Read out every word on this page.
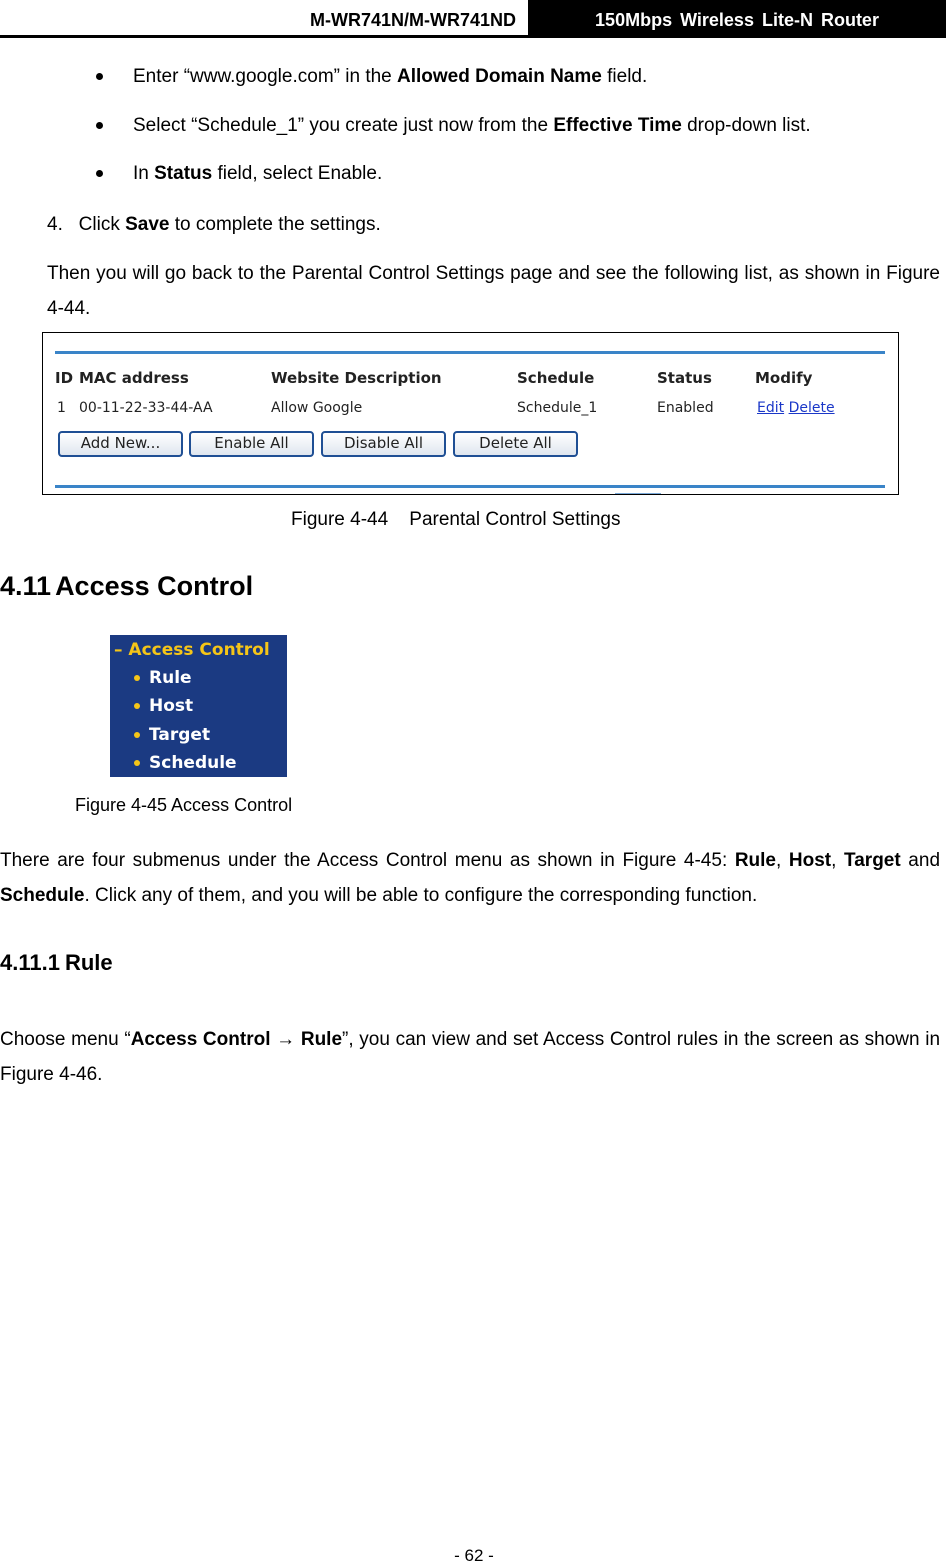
M-WR741N/M-WR741ND	150Mbps Wireless Lite-N Router
Enter “www.google.com” in the Allowed Domain Name field.
Select “Schedule_1” you create just now from the Effective Time drop-down list.
In Status field, select Enable.
4.   Click Save to complete the settings.
Then you will go back to the Parental Control Settings page and see the following list, as shown in Figure 4-44.
ID MAC address	Website Description	Schedule	Status	Modify
1 00-11-22-33-44-AA	Allow Google	Schedule_1	Enabled	Edit Delete
Add New...	Enable All	Disable All	Delete All
Figure 4-44    Parental Control Settings
4.11 Access Control
– Access Control
Rule
Host
Target
Schedule
Figure 4-45 Access Control
There are four submenus under the Access Control menu as shown in Figure 4-45: Rule, Host, Target and Schedule. Click any of them, and you will be able to configure the corresponding function.
4.11.1 Rule
Choose menu “Access Control → Rule”, you can view and set Access Control rules in the screen as shown in Figure 4-46.
- 62 -
